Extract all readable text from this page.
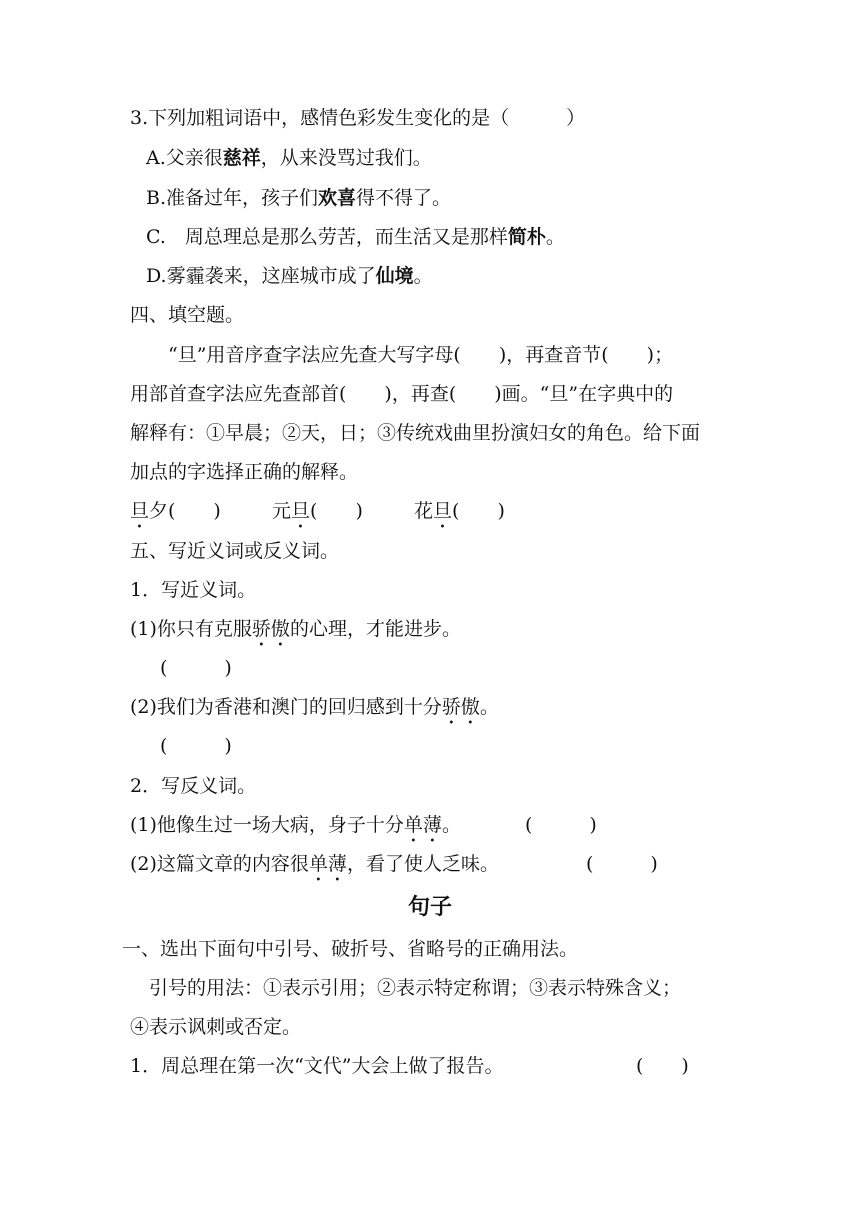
3.下列加粗词语中，感情色彩发生变化的是（　　　）
A.父亲很慈祥，从来没骂过我们。
B.准备过年，孩子们欢喜得不得了。
C.　周总理总是那么劳苦，而生活又是那样简朴。
D.雾霾袭来，这座城市成了仙境。
四、填空题。
　　“旦”用音序查字法应先查大写字母(　　)，再查音节(　　)；
用部首查字法应先查部首(　　)，再查(　　)画。“旦”在字典中的
解释有：①早晨；②天，日；③传统戏曲里扮演妇女的角色。给下面
加点的字选择正确的解释。
旦夕(　　)	元旦(　　)	花旦(　　)
五、写近义词或反义词。
1．写近义词。
(1)你只有克服骄傲的心理，才能进步。
(　　　)
(2)我们为香港和澳门的回归感到十分骄傲。
(　　　)
2．写反义词。
(1)他像生过一场大病，身子十分单薄。	(　　　)
(2)这篇文章的内容很单薄，看了使人乏味。	(　　　)
句子
一、选出下面句中引号、破折号、省略号的正确用法。
　引号的用法：①表示引用；②表示特定称谓；③表示特殊含义；
④表示讽刺或否定。
1．周总理在第一次“文代”大会上做了报告。	(　　)
